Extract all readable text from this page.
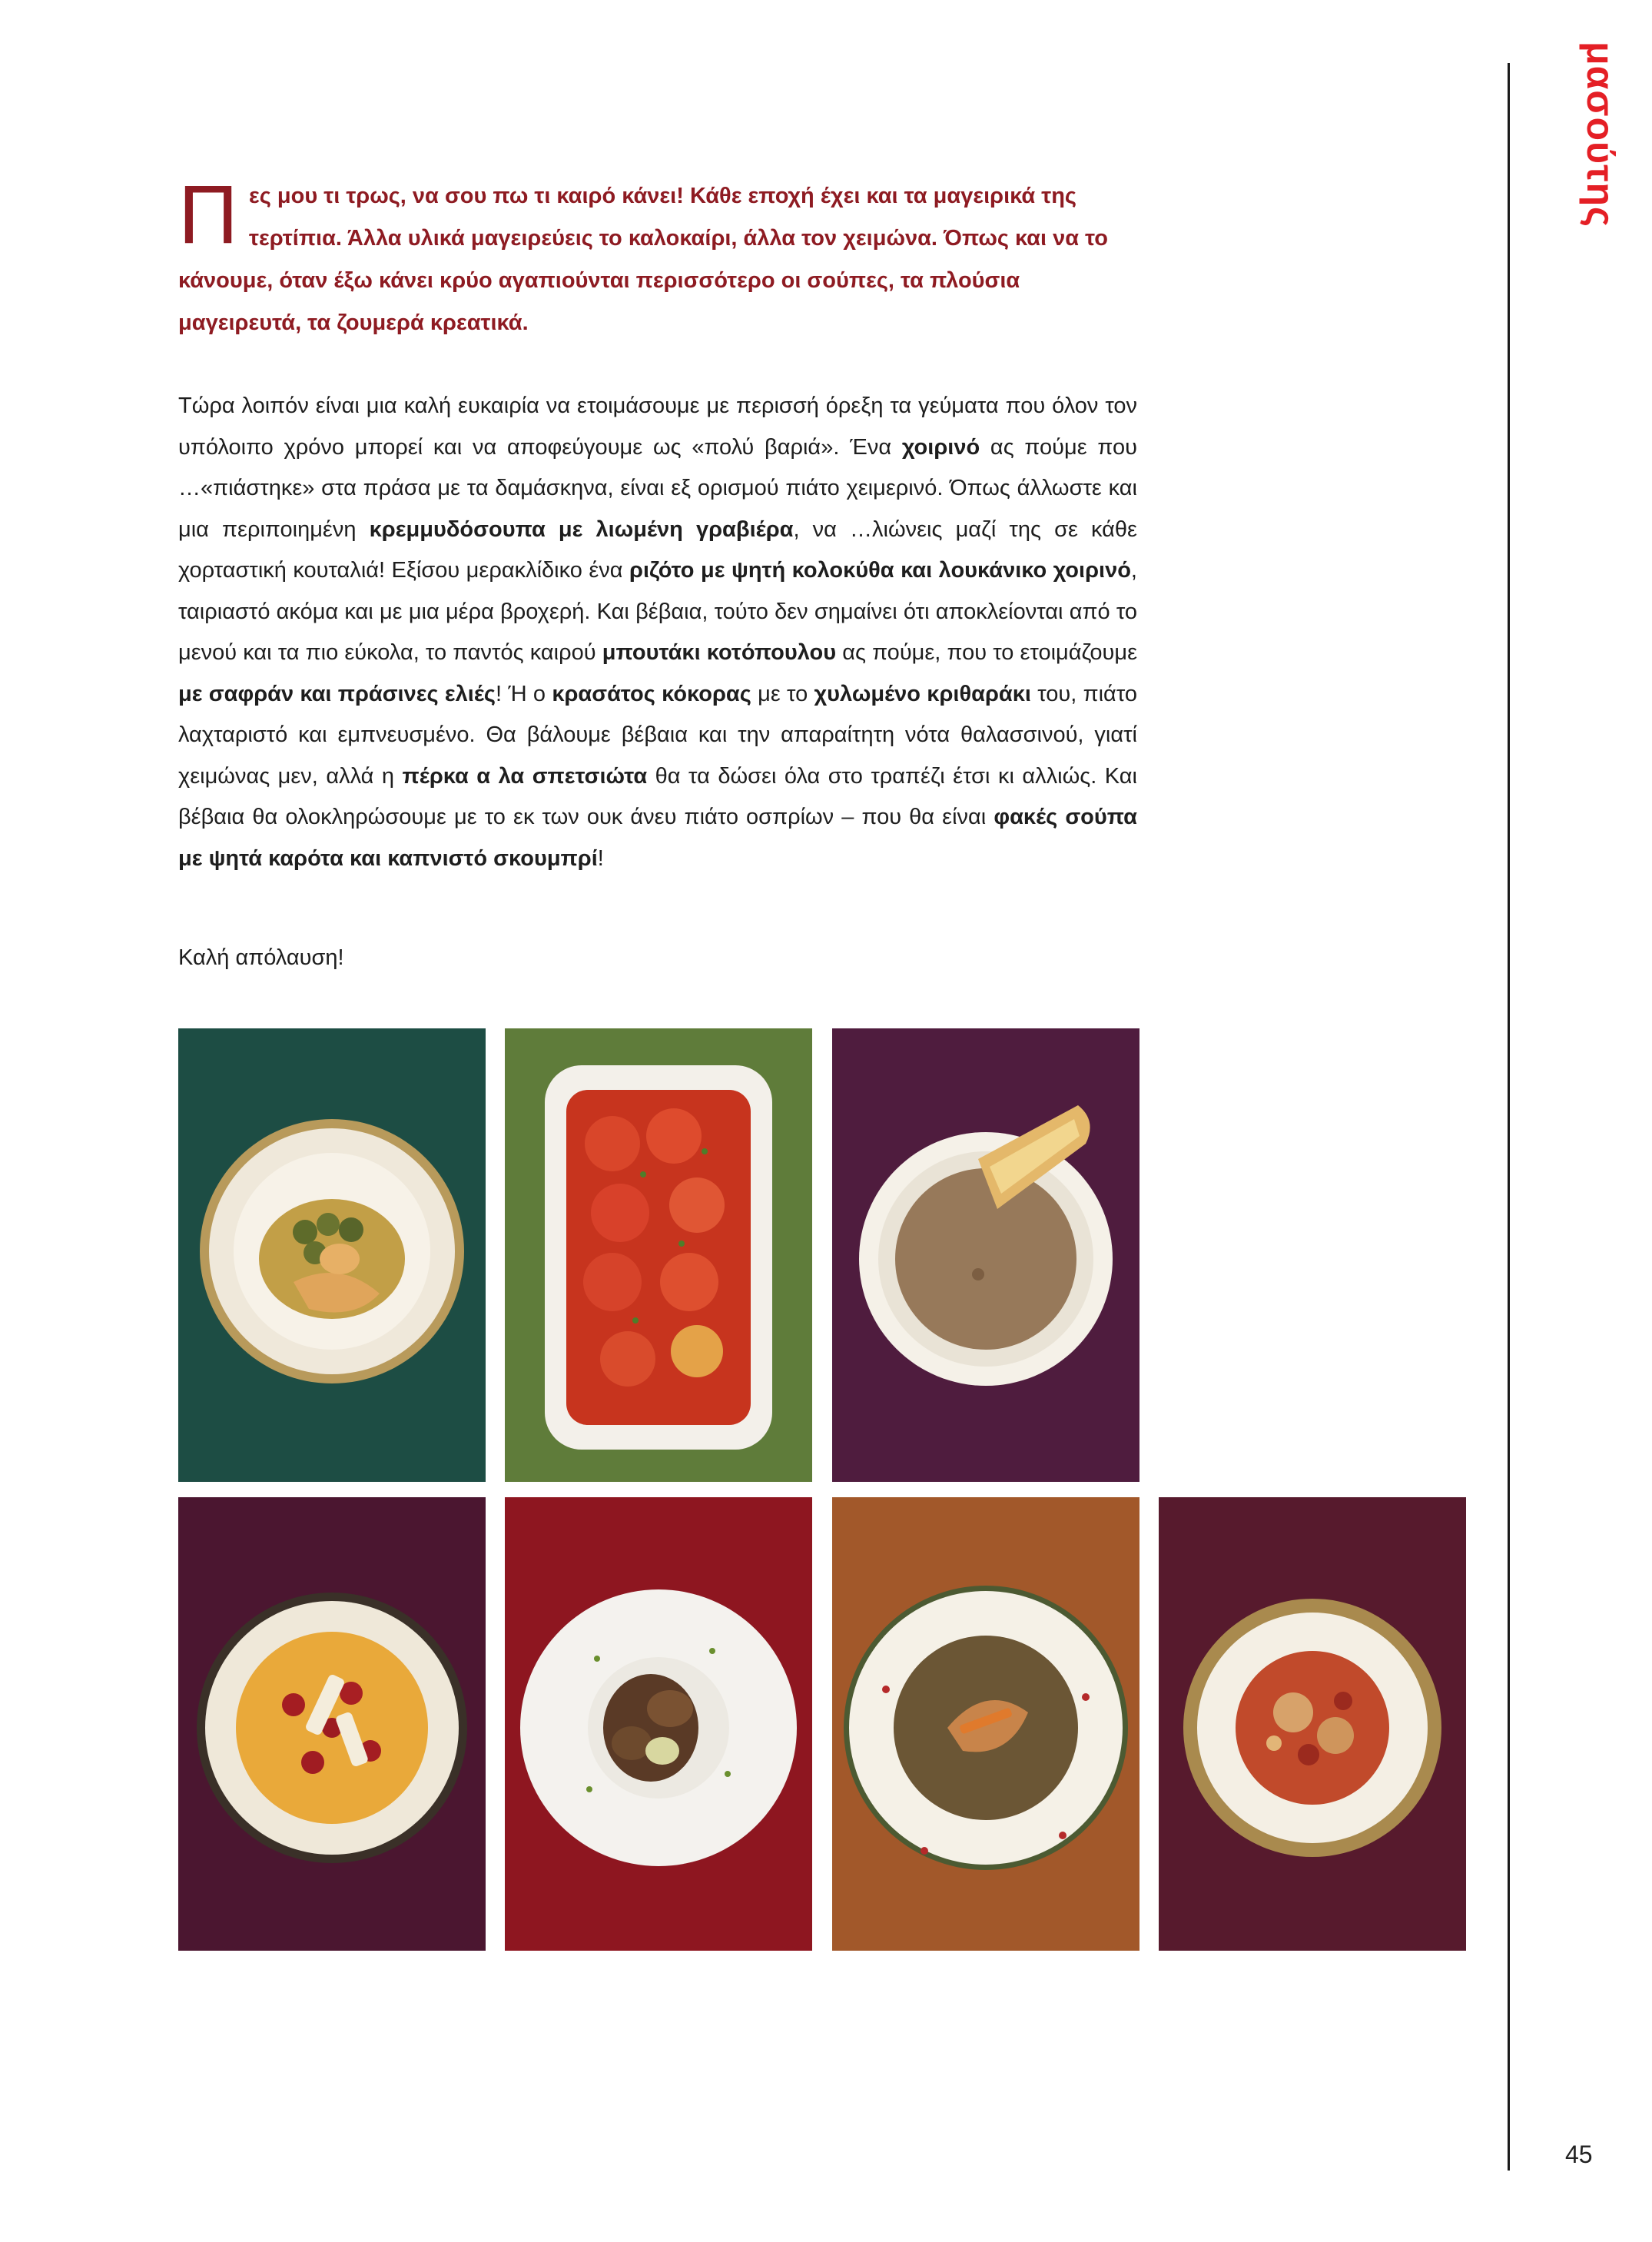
μασούτης
Πες μου τι τρως, να σου πω τι καιρό κάνει! Κάθε εποχή έχει και τα μαγειρικά της τερτίπια. Άλλα υλικά μαγειρεύεις το καλοκαίρι, άλλα τον χειμώνα. Όπως και να το κάνουμε, όταν έξω κάνει κρύο αγαπιούνται περισσότερο οι σούπες, τα πλούσια μαγειρευτά, τα ζουμερά κρεατικά.
Τώρα λοιπόν είναι μια καλή ευκαιρία να ετοιμάσουμε με περισσή όρεξη τα γεύματα που όλον τον υπόλοιπο χρόνο μπορεί και να αποφεύγουμε ως «πολύ βαριά». Ένα χοιρινό ας πούμε που …«πιάστηκε» στα πράσα με τα δαμάσκηνα, είναι εξ ορισμού πιάτο χειμερινό. Όπως άλλωστε και μια περιποιημένη κρεμμυδόσουπα με λιωμένη γραβιέρα, να …λιώνεις μαζί της σε κάθε χορταστική κουταλιά! Εξίσου μερακλίδικο ένα ριζότο με ψητή κολοκύθα και λουκάνικο χοιρινό, ταιριαστό ακόμα και με μια μέρα βροχερή. Και βέβαια, τούτο δεν σημαίνει ότι αποκλείονται από το μενού και τα πιο εύκολα, το παντός καιρού μπουτάκι κοτόπουλου ας πούμε, που το ετοιμάζουμε με σαφράν και πράσινες ελιές! Ή ο κρασάτος κόκορας με το χυλωμένο κριθαράκι του, πιάτο λαχταριστό και εμπνευσμένο. Θα βάλουμε βέβαια και την απαραίτητη νότα θαλασσινού, γιατί χειμώνας μεν, αλλά η πέρκα α λα σπετσιώτα θα τα δώσει όλα στο τραπέζι έτσι κι αλλιώς. Και βέβαια θα ολοκληρώσουμε με το εκ των ουκ άνευ πιάτο οσπρίων – που θα είναι φακές σούπα με ψητά καρότα και καπνιστό σκουμπρί!
Καλή απόλαυση!
45
